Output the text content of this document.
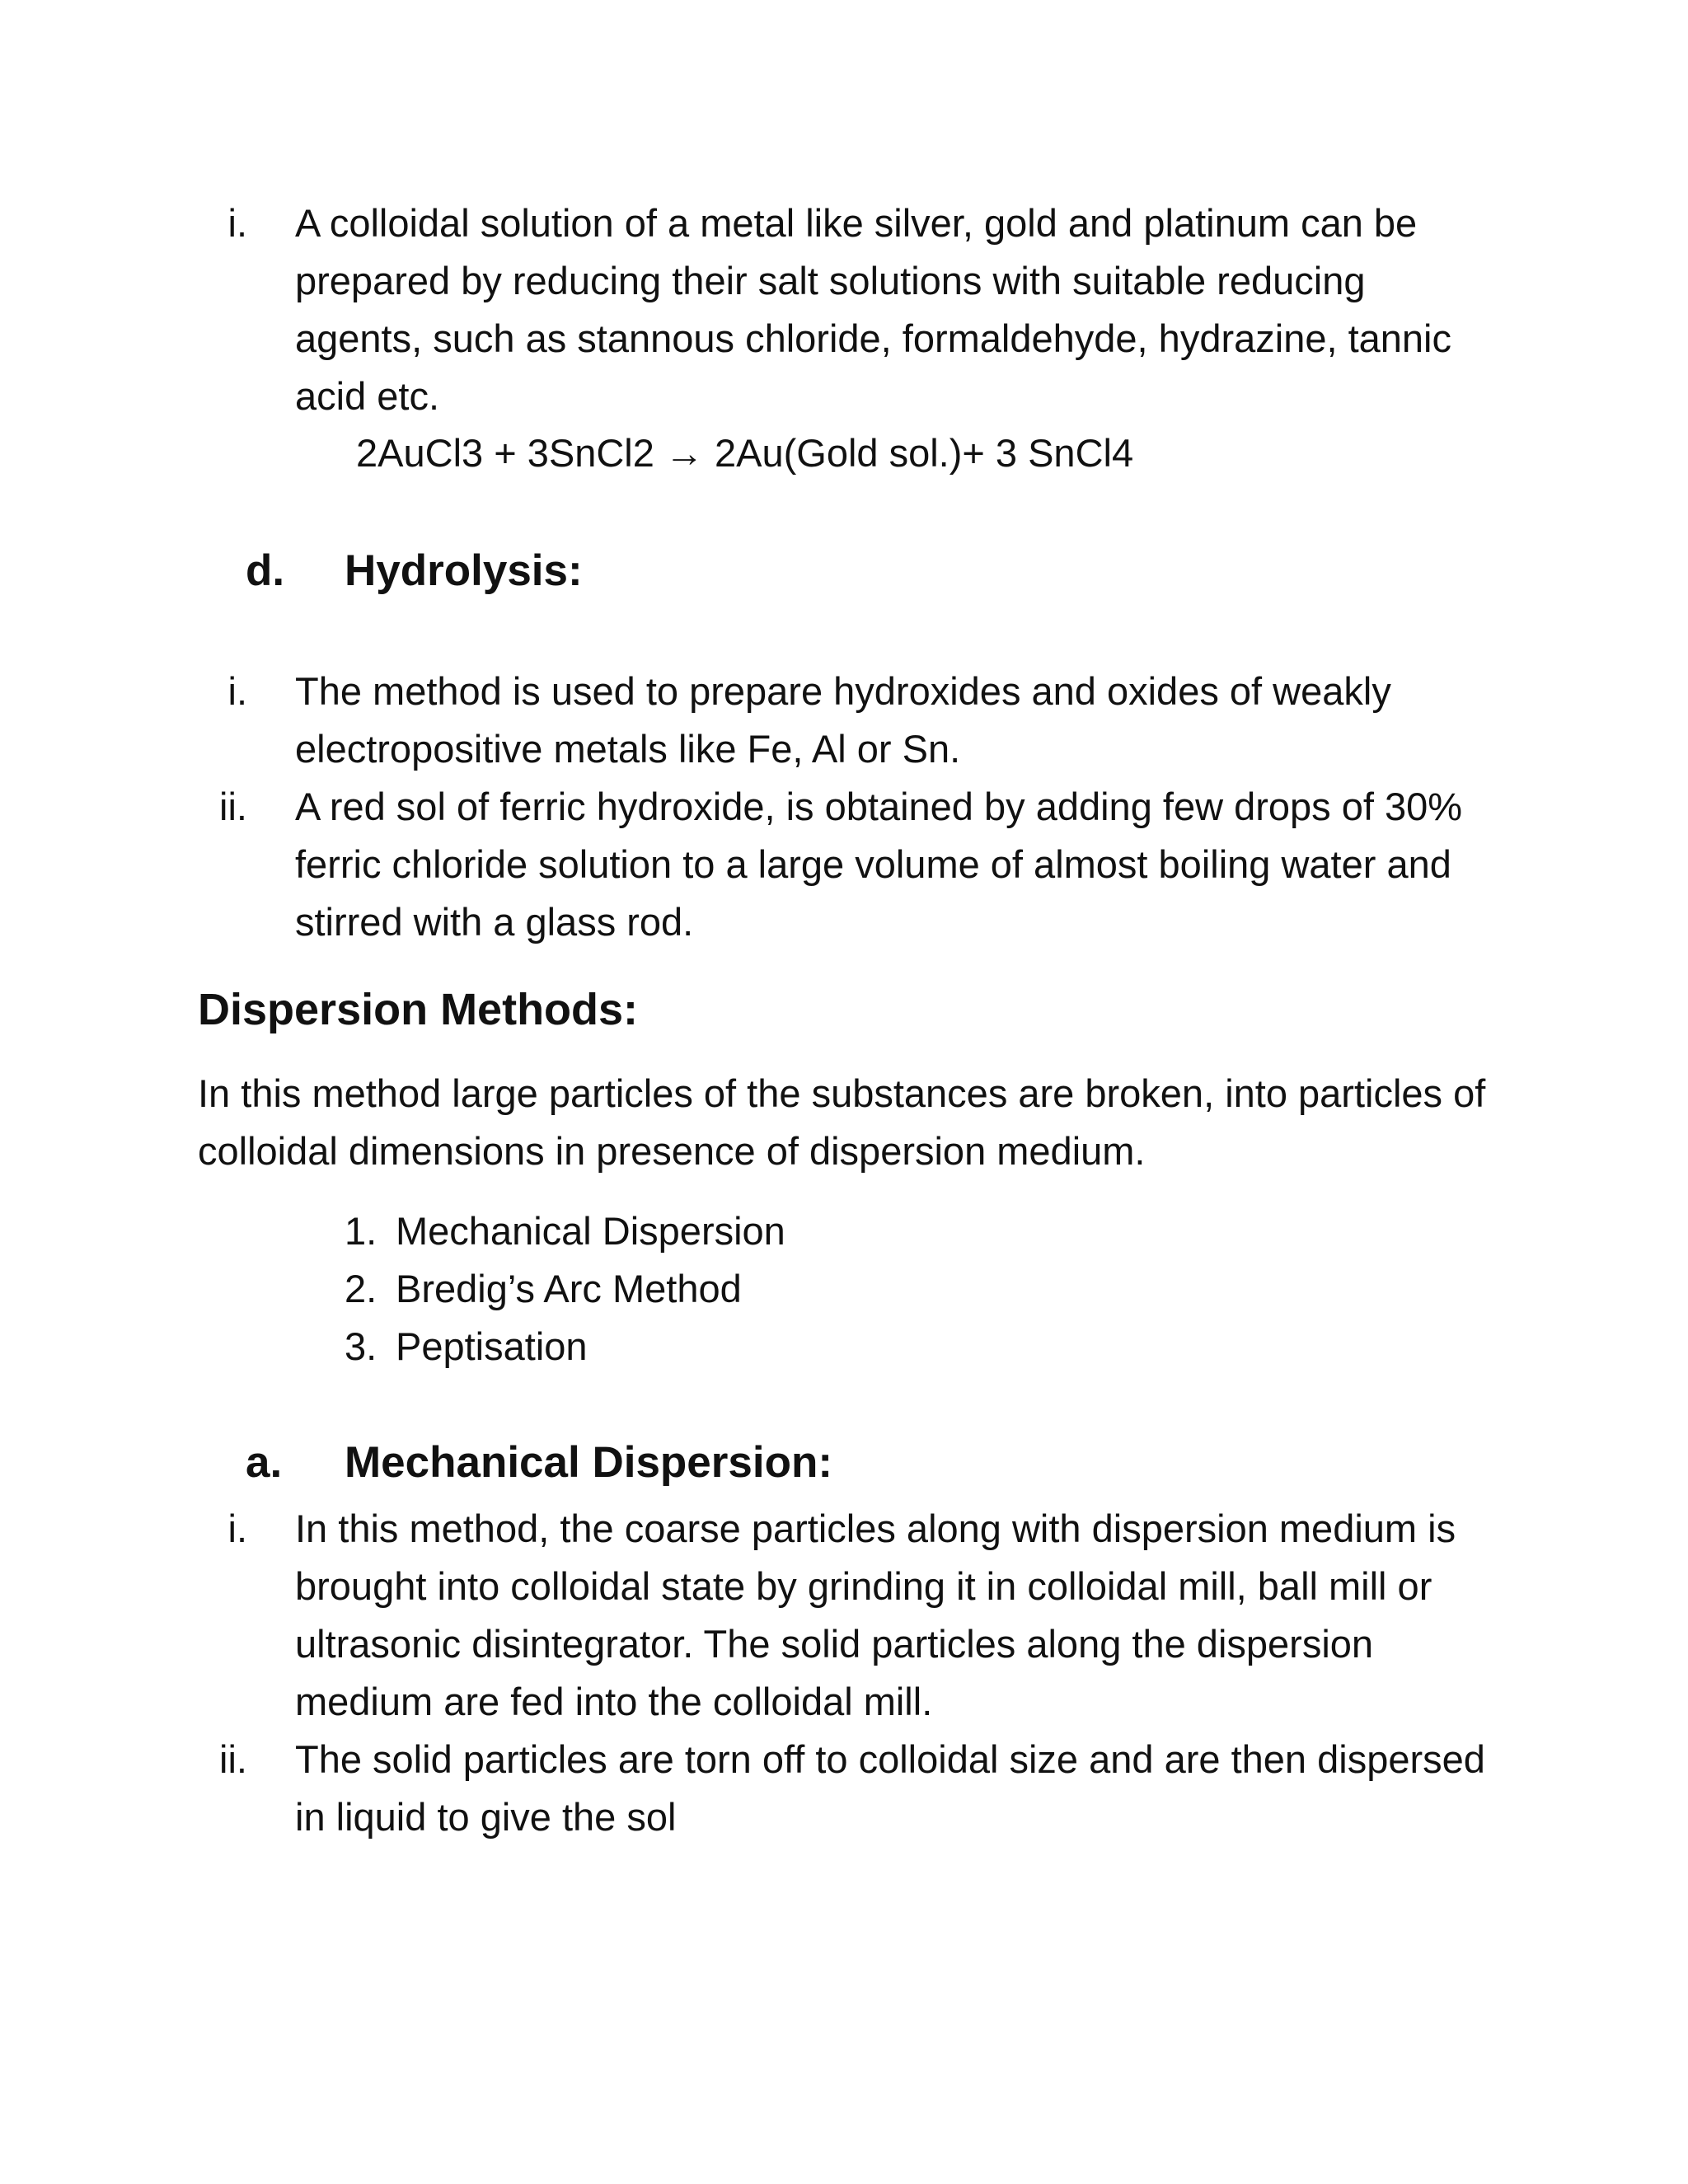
i. A colloidal solution of a metal like silver, gold and platinum can be prepared by reducing their salt solutions with suitable reducing agents, such as stannous chloride, formaldehyde, hydrazine, tannic acid etc.
2AuCl3 + 3SnCl2 → 2Au(Gold sol.)+ 3 SnCl4
d. Hydrolysis:
i. The method is used to prepare hydroxides and oxides of weakly electropositive metals like Fe, Al or Sn.
ii. A red sol of ferric hydroxide, is obtained by adding few drops of 30% ferric chloride solution to a large volume of almost boiling water and stirred with a glass rod.
Dispersion Methods:
In this method large particles of the substances are broken, into particles of colloidal dimensions in presence of dispersion medium.
1. Mechanical Dispersion
2. Bredig’s Arc Method
3. Peptisation
a. Mechanical Dispersion:
i. In this method, the coarse particles along with dispersion medium is brought into colloidal state by grinding it in colloidal mill, ball mill or ultrasonic disintegrator. The solid particles along the dispersion medium are fed into the colloidal mill.
ii. The solid particles are torn off to colloidal size and are then dispersed in liquid to give the sol
